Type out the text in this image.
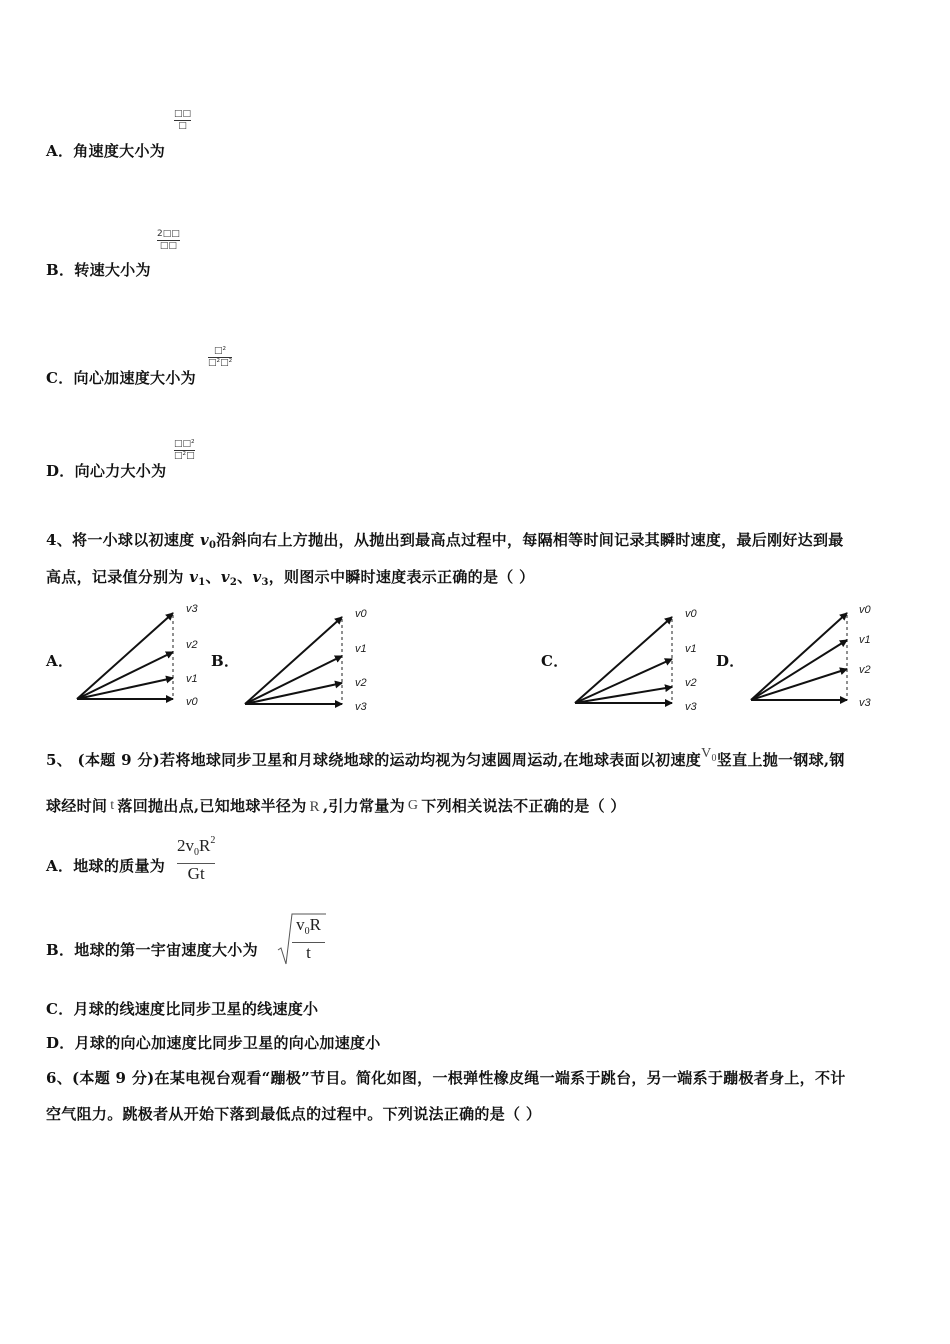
A．角速度大小为
□□
□
B．转速大小为
2□□
□□
C．向心加速度大小为
□²
□²□²
D．向心力大小为
□□²
□²□
4、将一小球以初速度 $v_0$沿斜向右上方抛出，从抛出到最高点过程中，每隔相等时间记录其瞬时速度，最后刚好达到最
高点，记录值分别为 $v_1$、$v_2$、$v_3$，则图示中瞬时速度表示正确的是（ ）
A．	B．	C．	D．
v3
v2
v1
v0
v0
v1
v2
v3
v0
v1
v2
v3
v0
v1
v2
v3
5、 (本题 9 分)若将地球同步卫星和月球绕地球的运动均视为匀速圆周运动,在地球表面以初速度$V_0$竖直上抛一钢球,钢
球经时间 t 落回抛出点,已知地球半径为 R ,引力常量为 G 下列相关说法不正确的是（ ）
A．地球的质量为
$2v_0R^2$
Gt
B．地球的第一宇宙速度大小为
$v_0R$
t
C．月球的线速度比同步卫星的线速度小
D．月球的向心加速度比同步卫星的向心加速度小
6、(本题 9 分)在某电视台观看“蹦极”节目。简化如图，一根弹性橡皮绳一端系于跳台，另一端系于蹦极者身上，不计
空气阻力。跳极者从开始下落到最低点的过程中。下列说法正确的是（ ）
